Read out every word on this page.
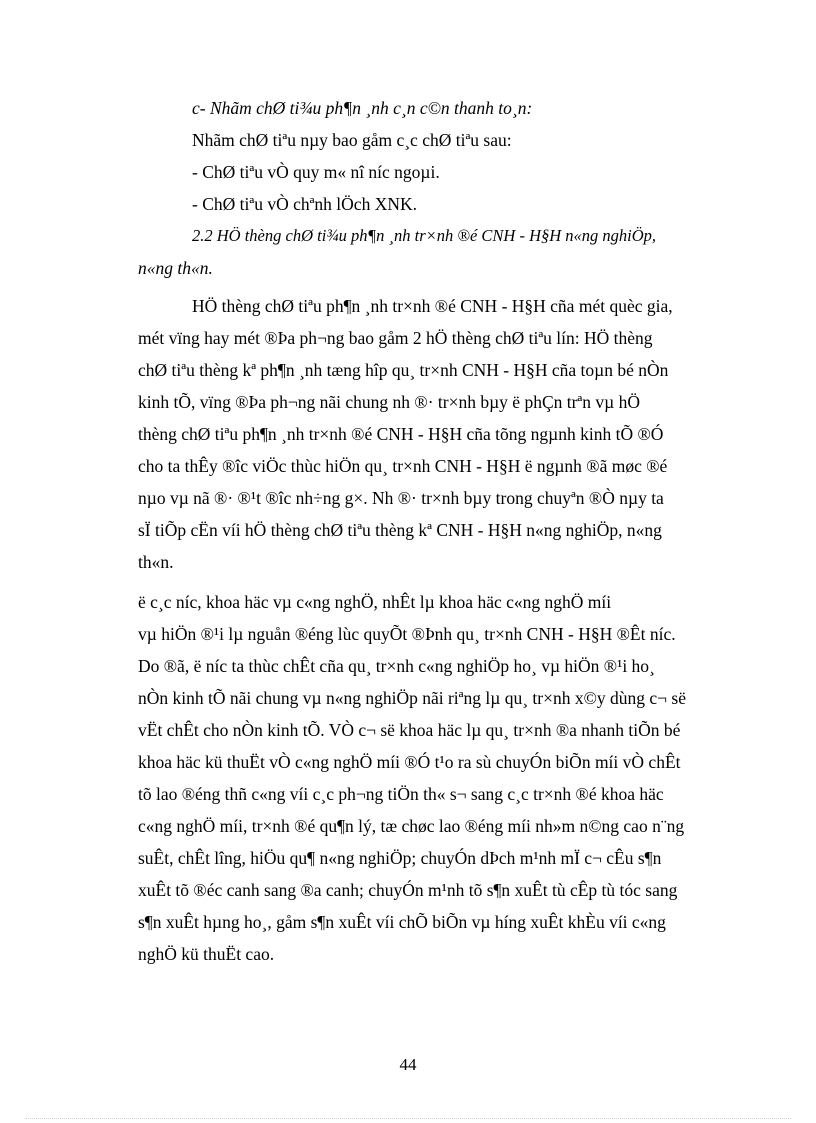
c- Nhãm chØ ti¾u ph¶n ¸nh c¸n c©n thanh to¸n:

Nhãm chØ tiªu nµy bao gåm c¸c chØ tiªu sau:

- ChØ tiªu vÒ quy m« nî níc ngoµi.

- ChØ tiªu vÒ chªnh lÖch XNK.

2.2 HÖ thèng chØ ti¾u ph¶n ¸nh tr×nh ®é CNH - H§H n«ng nghiÖp,

n«ng th«n.

HÖ thèng chØ tiªu ph¶n ¸nh tr×nh ®é CNH - H§H cña mét quèc gia,

mét vïng hay mét ®Þa ph¬ng bao gåm 2 hÖ thèng chØ tiªu lín: HÖ thèng

chØ tiªu thèng kª ph¶n ¸nh tæng hîp qu¸ tr×nh CNH - H§H cña toµn bé nÒn

kinh tÕ, vïng ®Þa ph¬ng nãi chung nh ®· tr×nh bµy ë phÇn trªn vµ hÖ

thèng chØ tiªu ph¶n ¸nh tr×nh ®é CNH - H§H cña tõng ngµnh kinh tÕ ®Ó

cho ta thÊy ®îc viÖc thùc hiÖn qu¸ tr×nh CNH - H§H ë ngµnh ®ã møc ®é

nµo vµ nã ®· ®¹t ®îc nh÷ng g×. Nh ®· tr×nh bµy trong chuyªn ®Ò nµy ta

sÏ tiÕp cËn víi hÖ thèng chØ tiªu thèng kª CNH - H§H n«ng nghiÖp, n«ng

th«n.

ë c¸c níc, khoa häc vµ c«ng nghÖ, nhÊt lµ khoa häc c«ng nghÖ míi

vµ hiÖn ®¹i lµ nguån ®éng lùc quyÕt ®Þnh qu¸ tr×nh CNH - H§H ®Êt níc.

Do ®ã, ë níc ta thùc chÊt cña qu¸ tr×nh c«ng nghiÖp ho¸ vµ hiÖn ®¹i ho¸

nÒn kinh tÕ nãi chung vµ n«ng nghiÖp nãi riªng lµ qu¸ tr×nh x©y dùng c¬ së

vËt chÊt cho nÒn kinh tÕ. VÒ c¬ së khoa häc lµ qu¸ tr×nh ®a nhanh tiÕn bé

khoa häc kü thuËt vÒ c«ng nghÖ míi ®Ó t¹o ra sù chuyÓn biÕn míi vÒ chÊt

tõ lao ®éng thñ c«ng víi c¸c ph¬ng tiÖn th« s¬ sang c¸c tr×nh ®é khoa häc

c«ng nghÖ míi, tr×nh ®é qu¶n lý, tæ chøc lao ®éng míi nh»m n©ng cao n¨ng

suÊt, chÊt lîng, hiÖu qu¶ n«ng nghiÖp; chuyÓn dÞch m¹nh mÏ c¬ cÊu s¶n

xuÊt tõ ®éc canh sang ®a canh; chuyÓn m¹nh tõ s¶n xuÊt tù cÊp tù tóc sang

s¶n xuÊt hµng ho¸, gåm s¶n xuÊt víi chÕ biÕn vµ híng xuÊt khÈu víi c«ng

nghÖ kü thuËt cao.

44
